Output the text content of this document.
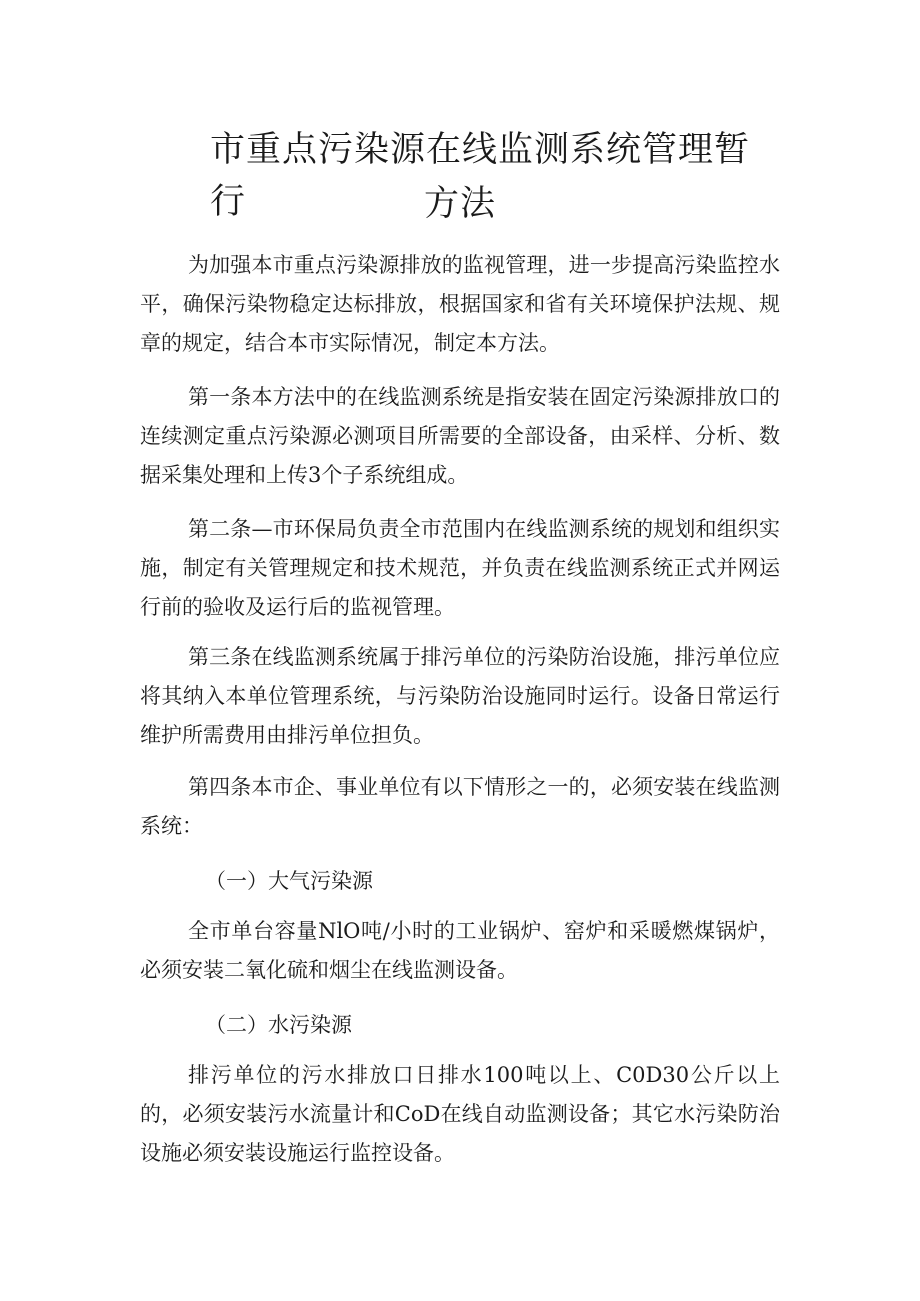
市重点污染源在线监测系统管理暂行	方法

为加强本市重点污染源排放的监视管理，进一步提高污染监控水平，确保污染物稳定达标排放，根据国家和省有关环境保护法规、规章的规定，结合本市实际情况，制定本方法。

第一条本方法中的在线监测系统是指安装在固定污染源排放口的连续测定重点污染源必测项目所需要的全部设备，由采样、分析、数据采集处理和上传3个子系统组成。

第二条—市环保局负责全市范围内在线监测系统的规划和组织实施，制定有关管理规定和技术规范，并负责在线监测系统正式并网运行前的验收及运行后的监视管理。

第三条在线监测系统属于排污单位的污染防治设施，排污单位应将其纳入本单位管理系统，与污染防治设施同时运行。设备日常运行维护所需费用由排污单位担负。

第四条本市企、事业单位有以下情形之一的，必须安装在线监测系统：

（一）大气污染源

全市单台容量NlO吨/小时的工业锅炉、窑炉和采暖燃煤锅炉，必须安装二氧化硫和烟尘在线监测设备。

（二）水污染源

排污单位的污水排放口日排水100吨以上、C0D30公斤以上的，必须安装污水流量计和CoD在线自动监测设备；其它水污染防治设施必须安装设施运行监控设备。
